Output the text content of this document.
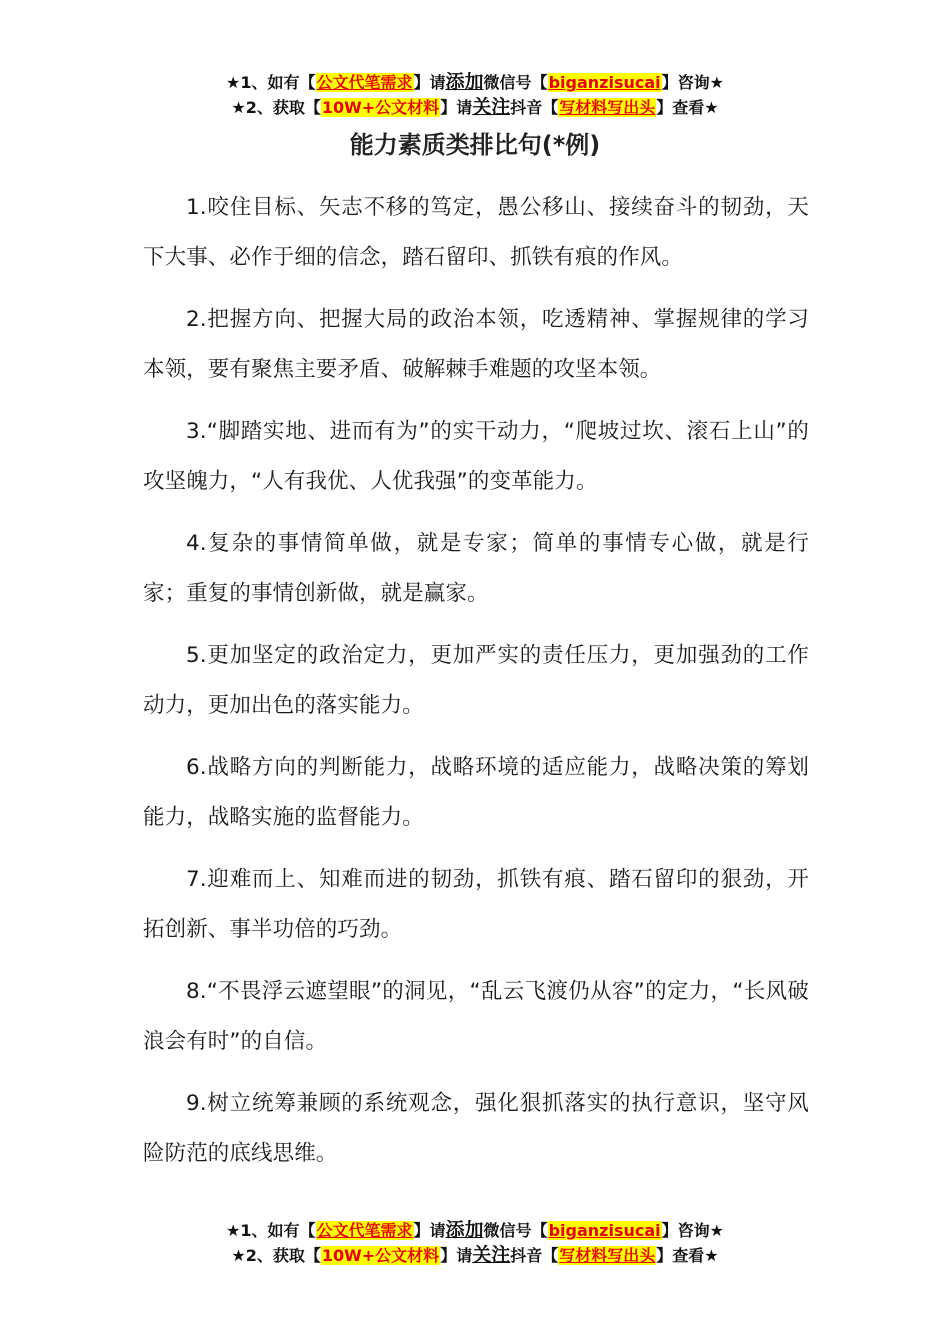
★1、如有【公文代笔需求】请添加微信号【biganzisucai】咨询★
★2、获取【10W+公文材料】请关注抖音【写材料写出头】查看★
能力素质类排比句(*例)

1.咬住目标、矢志不移的笃定，愚公移山、接续奋斗的韧劲，天下大事、必作于细的信念，踏石留印、抓铁有痕的作风。

2.把握方向、把握大局的政治本领，吃透精神、掌握规律的学习本领，要有聚焦主要矛盾、破解棘手难题的攻坚本领。

3.“脚踏实地、进而有为”的实干动力，“爬坡过坎、滚石上山”的攻坚魄力，“人有我优、人优我强”的变革能力。

4.复杂的事情简单做，就是专家；简单的事情专心做，就是行家；重复的事情创新做，就是赢家。

5.更加坚定的政治定力，更加严实的责任压力，更加强劲的工作动力，更加出色的落实能力。

6.战略方向的判断能力，战略环境的适应能力，战略决策的筹划能力，战略实施的监督能力。

7.迎难而上、知难而进的韧劲，抓铁有痕、踏石留印的狠劲，开拓创新、事半功倍的巧劲。

8.“不畏浮云遮望眼”的洞见，“乱云飞渡仍从容”的定力，“长风破浪会有时”的自信。

9.树立统筹兼顾的系统观念，强化狠抓落实的执行意识，坚守风险防范的底线思维。

★1、如有【公文代笔需求】请添加微信号【biganzisucai】咨询★
★2、获取【10W+公文材料】请关注抖音【写材料写出头】查看★
